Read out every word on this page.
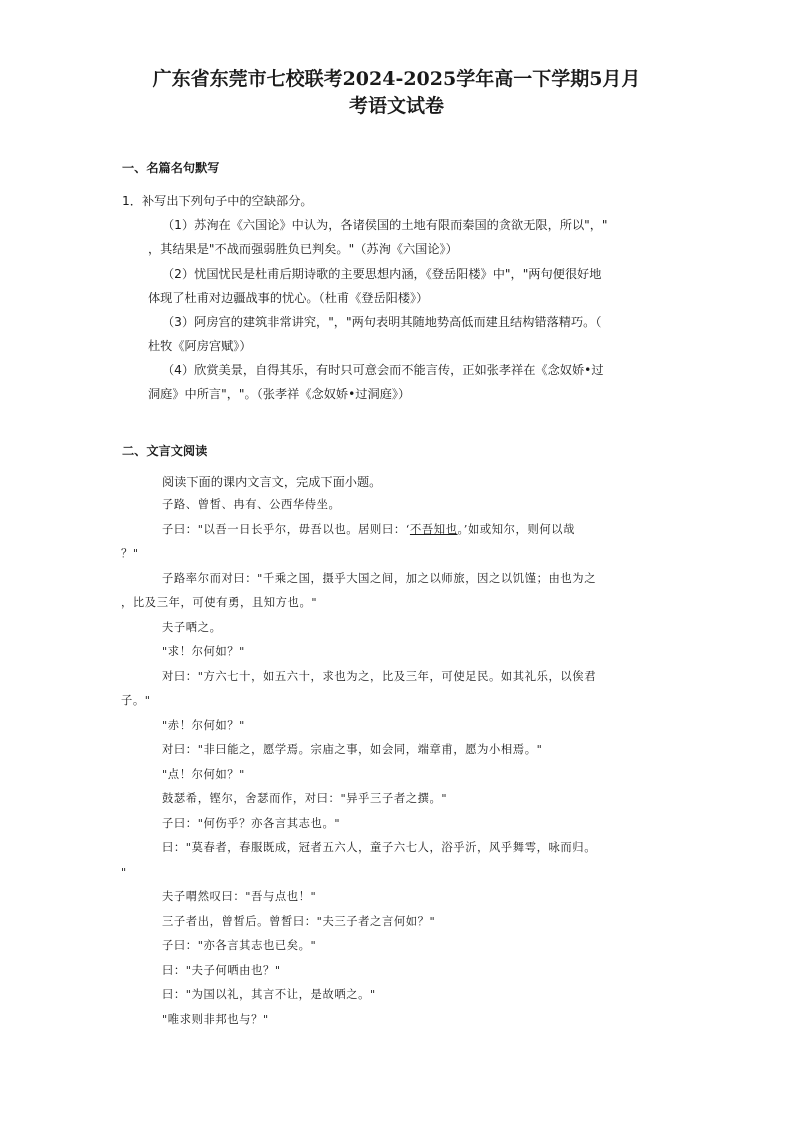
广东省东莞市七校联考2024-2025学年高一下学期5月月
考语文试卷
一、名篇名句默写
1．补写出下列句子中的空缺部分。
（1）苏洵在《六国论》中认为，各诸侯国的土地有限而秦国的贪欲无限，所以"，"
，其结果是"不战而强弱胜负已判矣。"（苏洵《六国论》）
（2）忧国忧民是杜甫后期诗歌的主要思想内涵，《登岳阳楼》中"，"两句便很好地
体现了杜甫对边疆战事的忧心。（杜甫《登岳阳楼》）
（3）阿房宫的建筑非常讲究，"，"两句表明其随地势高低而建且结构错落精巧。（
杜牧《阿房宫赋》）
（4）欣赏美景，自得其乐，有时只可意会而不能言传，正如张孝祥在《念奴娇•过
洞庭》中所言"，"。（张孝祥《念奴娇•过洞庭》）
二、文言文阅读
阅读下面的课内文言文，完成下面小题。
子路、曾皙、冉有、公西华侍坐。
子曰："以吾一日长乎尔，毋吾以也。居则曰：‘不吾知也。’如或知尔，则何以哉
？"
子路率尔而对曰："千乘之国，摄乎大国之间，加之以师旅，因之以饥馑；由也为之
，比及三年，可使有勇，且知方也。"
夫子哂之。
"求！尔何如？"
对曰："方六七十，如五六十，求也为之，比及三年，可使足民。如其礼乐，以俟君
子。"
"赤！尔何如？"
对曰："非曰能之，愿学焉。宗庙之事，如会同，端章甫，愿为小相焉。"
"点！尔何如？"
鼓瑟希，铿尔，舍瑟而作，对曰："异乎三子者之撰。"
子曰："何伤乎？亦各言其志也。"
曰："莫春者，春服既成，冠者五六人，童子六七人，浴乎沂，风乎舞雩，咏而归。
"
夫子喟然叹曰："吾与点也！"
三子者出，曾皙后。曾皙曰："夫三子者之言何如？"
子曰："亦各言其志也已矣。"
曰："夫子何哂由也？"
曰："为国以礼，其言不让，是故哂之。"
"唯求则非邦也与？"
